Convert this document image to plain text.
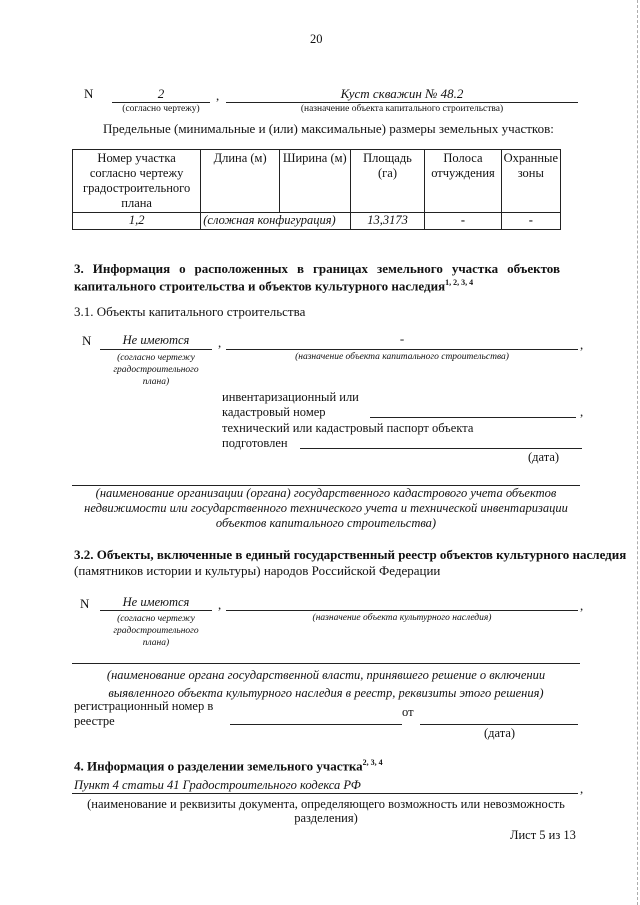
20
N	2	,	Куст скважин № 48.2
(согласно чертежу)	(назначение объекта капитального строительства)
Предельные (минимальные и (или) максимальные) размеры земельных участков:
Номер участка согласно чертежу градостроительного плана	Длина (м)	Ширина (м)	Площадь (га)	Полоса отчуждения	Охранные зоны
1,2	(сложная конфигурация)		13,3173	-	-
3. Информация о расположенных в границах земельного участка объектов
капитального строительства и объектов культурного наследия$^{1, 2, 3, 4}$
3.1. Объекты капитального строительства
N	Не имеются	,	-	,
(согласно чертежу
градостроительного
плана)
(назначение объекта капитального строительства)
инвентаризационный или
кадастровый номер	,
технический или кадастровый паспорт объекта
подготовлен
(дата)
(наименование организации (органа) государственного кадастрового учета объектов
недвижимости или государственного технического учета и технической инвентаризации
объектов капитального строительства)
3.2. Объекты, включенные в единый государственный реестр объектов культурного наследия
(памятников истории и культуры) народов Российской Федерации
N	Не имеются	,	,
(согласно чертежу
градостроительного
плана)
(назначение объекта культурного наследия)
(наименование органа государственной власти, принявшего решение о включении
выявленного объекта культурного наследия в реестр, реквизиты этого решения)
регистрационный номер в
реестре
от
(дата)
4. Информация о разделении земельного участка$^{2, 3, 4}$
Пункт 4 статьи 41 Градостроительного кодекса РФ	,
(наименование и реквизиты документа, определяющего возможность или невозможность
разделения)
Лист 5 из 13
